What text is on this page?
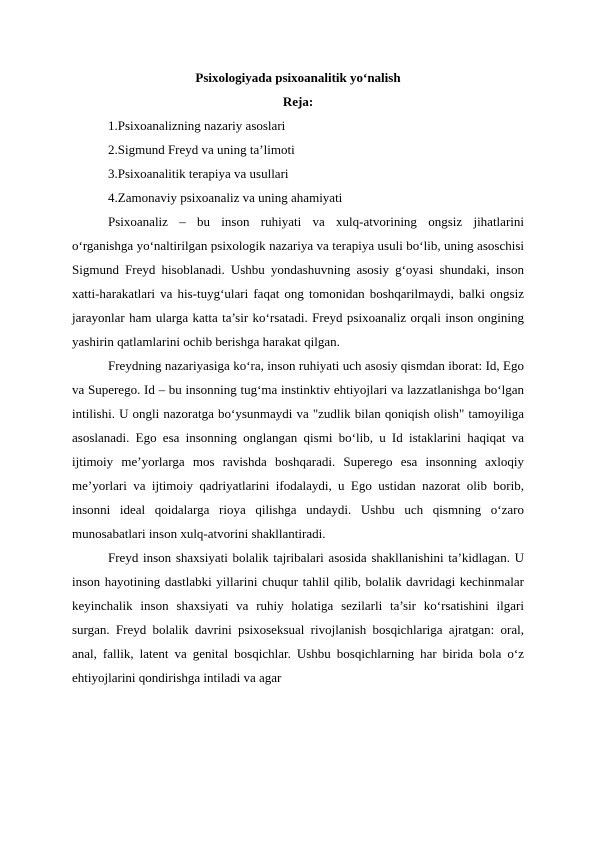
Psixologiyada psixoanalitik yo‘nalish

Reja:

1.Psixoanalizning nazariy asoslari
2.Sigmund Freyd va uning ta’limoti
3.Psixoanalitik terapiya va usullari
4.Zamonaviy psixoanaliz va uning ahamiyati

Psixoanaliz – bu inson ruhiyati va xulq-atvorining ongsiz jihatlarini o‘rganishga yo‘naltirilgan psixologik nazariya va terapiya usuli bo‘lib, uning asoschisi Sigmund Freyd hisoblanadi. Ushbu yondashuvning asosiy g‘oyasi shundaki, inson xatti-harakatlari va his-tuyg‘ulari faqat ong tomonidan boshqarilmaydi, balki ongsiz jarayonlar ham ularga katta ta’sir ko‘rsatadi. Freyd psixoanaliz orqali inson ongining yashirin qatlamlarini ochib berishga harakat qilgan.

Freydning nazariyasiga ko‘ra, inson ruhiyati uch asosiy qismdan iborat: Id, Ego va Superego. Id – bu insonning tug‘ma instinktiv ehtiyojlari va lazzatlanishga bo‘lgan intilishi. U ongli nazoratga bo‘ysunmaydi va "zudlik bilan qoniqish olish" tamoyiliga asoslanadi. Ego esa insonning onglangan qismi bo‘lib, u Id istaklarini haqiqat va ijtimoiy me’yorlarga mos ravishda boshqaradi. Superego esa insonning axloqiy me’yorlari va ijtimoiy qadriyatlarini ifodalaydi, u Ego ustidan nazorat olib borib, insonni ideal qoidalarga rioya qilishga undaydi. Ushbu uch qismning o‘zaro munosabatlari inson xulq-atvorini shakllantiradi.

Freyd inson shaxsiyati bolalik tajribalari asosida shakllanishini ta’kidlagan. U inson hayotining dastlabki yillarini chuqur tahlil qilib, bolalik davridagi kechinmalar keyinchalik inson shaxsiyati va ruhiy holatiga sezilarli ta’sir ko‘rsatishini ilgari surgan. Freyd bolalik davrini psixoseksual rivojlanish bosqichlariga ajratgan: oral, anal, fallik, latent va genital bosqichlar. Ushbu bosqichlarning har birida bola o‘z ehtiyojlarini qondirishga intiladi va agar
